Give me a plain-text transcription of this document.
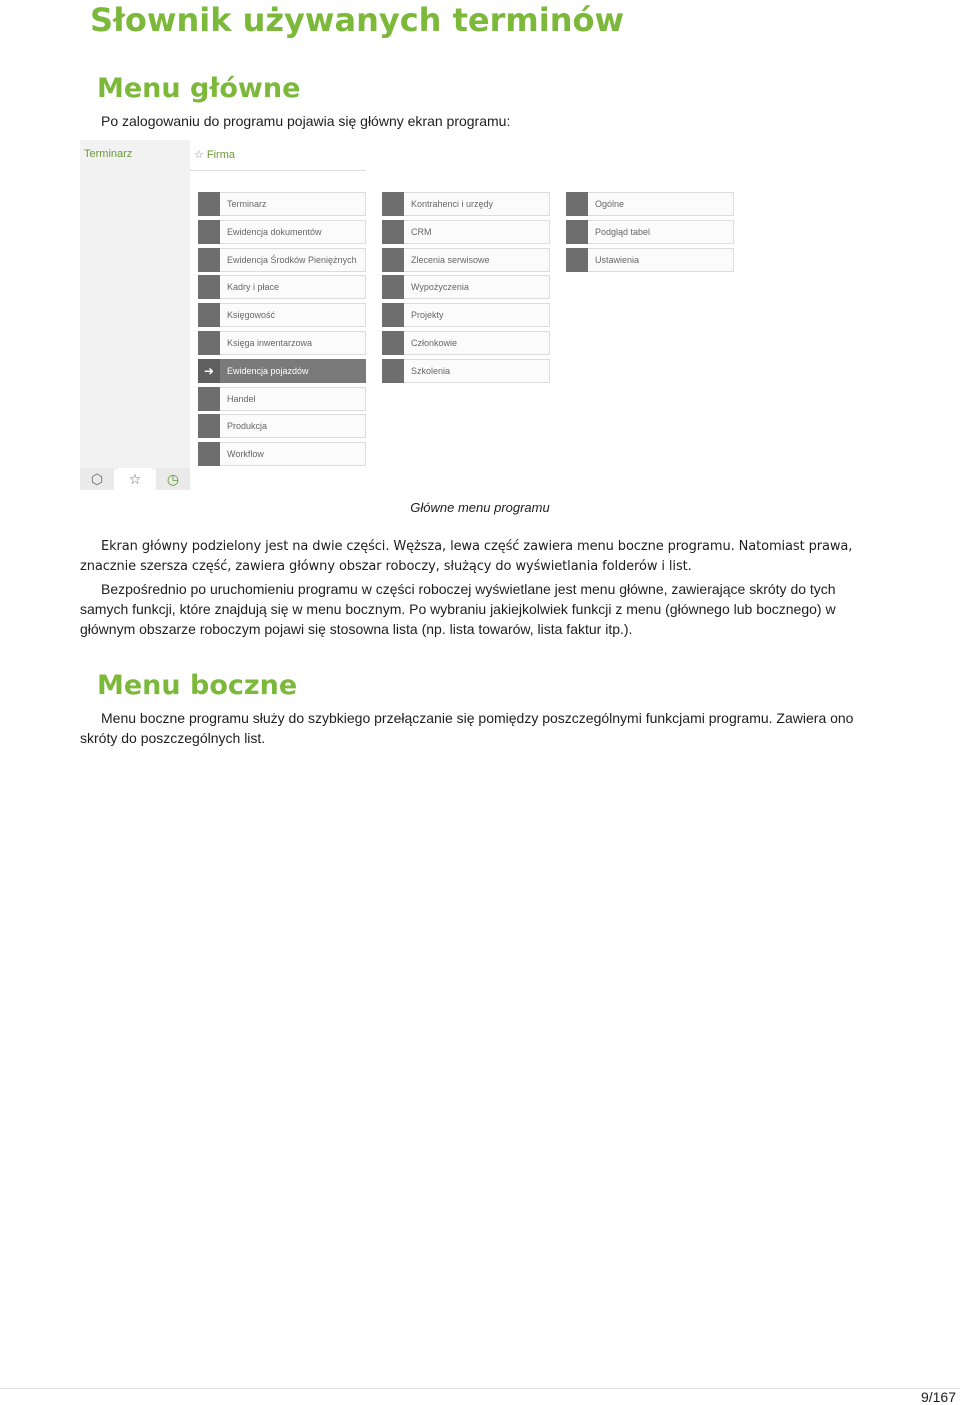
Słownik używanych terminów
Menu główne

Po zalogowaniu do programu pojawia się główny ekran programu:

Terminarz	☆ Firma
Terminarz
Ewidencja dokumentów
Ewidencja Środków Pieniężnych
Kadry i płace
Księgowość
Księga inwentarzowa
➜	Ewidencja pojazdów
Handel
Produkcja
Workflow
Kontrahenci i urzędy
CRM
Zlecenia serwisowe
Wypożyczenia
Projekty
Członkowie
Szkolenia
Ogólne
Podgląd tabel
Ustawienia
⬡	☆	◷
Główne menu programu

Ekran główny podzielony jest na dwie części. Węższa, lewa część zawiera menu boczne programu. Natomiast prawa, znacznie szersza część, zawiera główny obszar roboczy, służący do wyświetlania folderów i list.

Bezpośrednio po uruchomieniu programu w części roboczej wyświetlane jest menu główne, zawierające skróty do tych samych funkcji, które znajdują się w menu bocznym. Po wybraniu jakiejkolwiek funkcji z menu (głównego lub bocznego) w głównym obszarze roboczym pojawi się stosowna lista (np. lista towarów, lista faktur itp.).

Menu boczne

Menu boczne programu służy do szybkiego przełączanie się pomiędzy poszczególnymi funkcjami programu. Zawiera ono skróty do poszczególnych list.

9/167
